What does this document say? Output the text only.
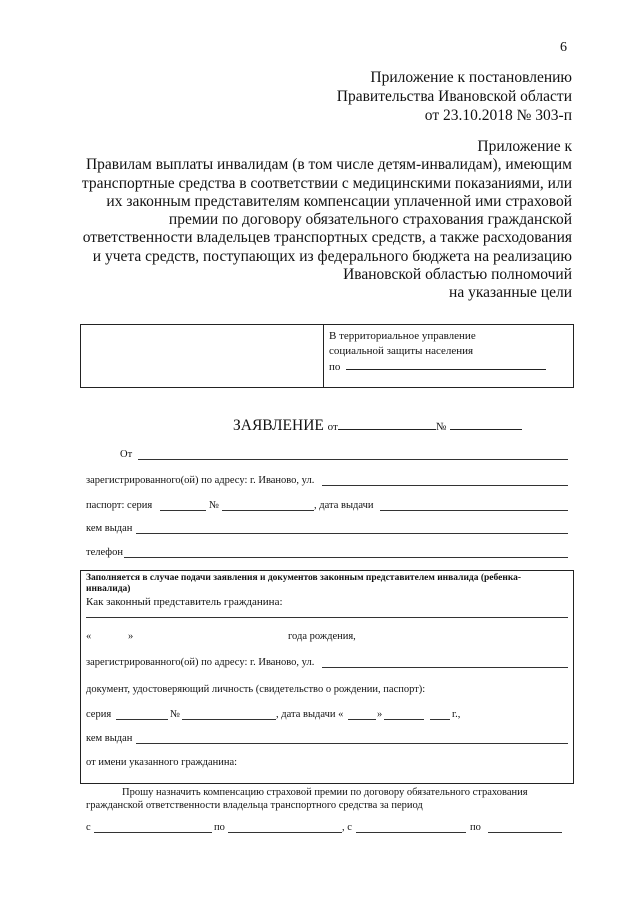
6
Приложение к постановлению
Правительства Ивановской области
от 23.10.2018 № 303-п
Приложение к
Правилам выплаты инвалидам (в том числе детям-инвалидам), имеющим
транспортные средства в соответствии с медицинскими показаниями, или
их законным представителям компенсации уплаченной ими страховой
премии по договору обязательного страхования гражданской
ответственности владельцев транспортных средств, а также расходования
и учета средств, поступающих из федерального бюджета на реализацию
Ивановской областью полномочий
на указанные цели
В территориальное управление
социальной защиты населения
по
ЗАЯВЛЕНИЕ от	№
От
зарегистрированного(ой) по адресу: г. Иваново, ул.
паспорт: серия	№	, дата выдачи
кем выдан
телефон
Заполняется в случае подачи заявления и документов законным представителем инвалида (ребенка-
инвалида)
Как законный представитель гражданина:
«	»	года рождения,
зарегистрированного(ой) по адресу: г. Иваново, ул.
документ, удостоверяющий личность (свидетельство о рождении, паспорт):
серия	№	, дата выдачи «	»	г.,
кем выдан
от имени указанного гражданина:
Прошу назначить компенсацию страховой премии по договору обязательного страхования
гражданской ответственности владельца транспортного средства за период
с	по	, с	по
